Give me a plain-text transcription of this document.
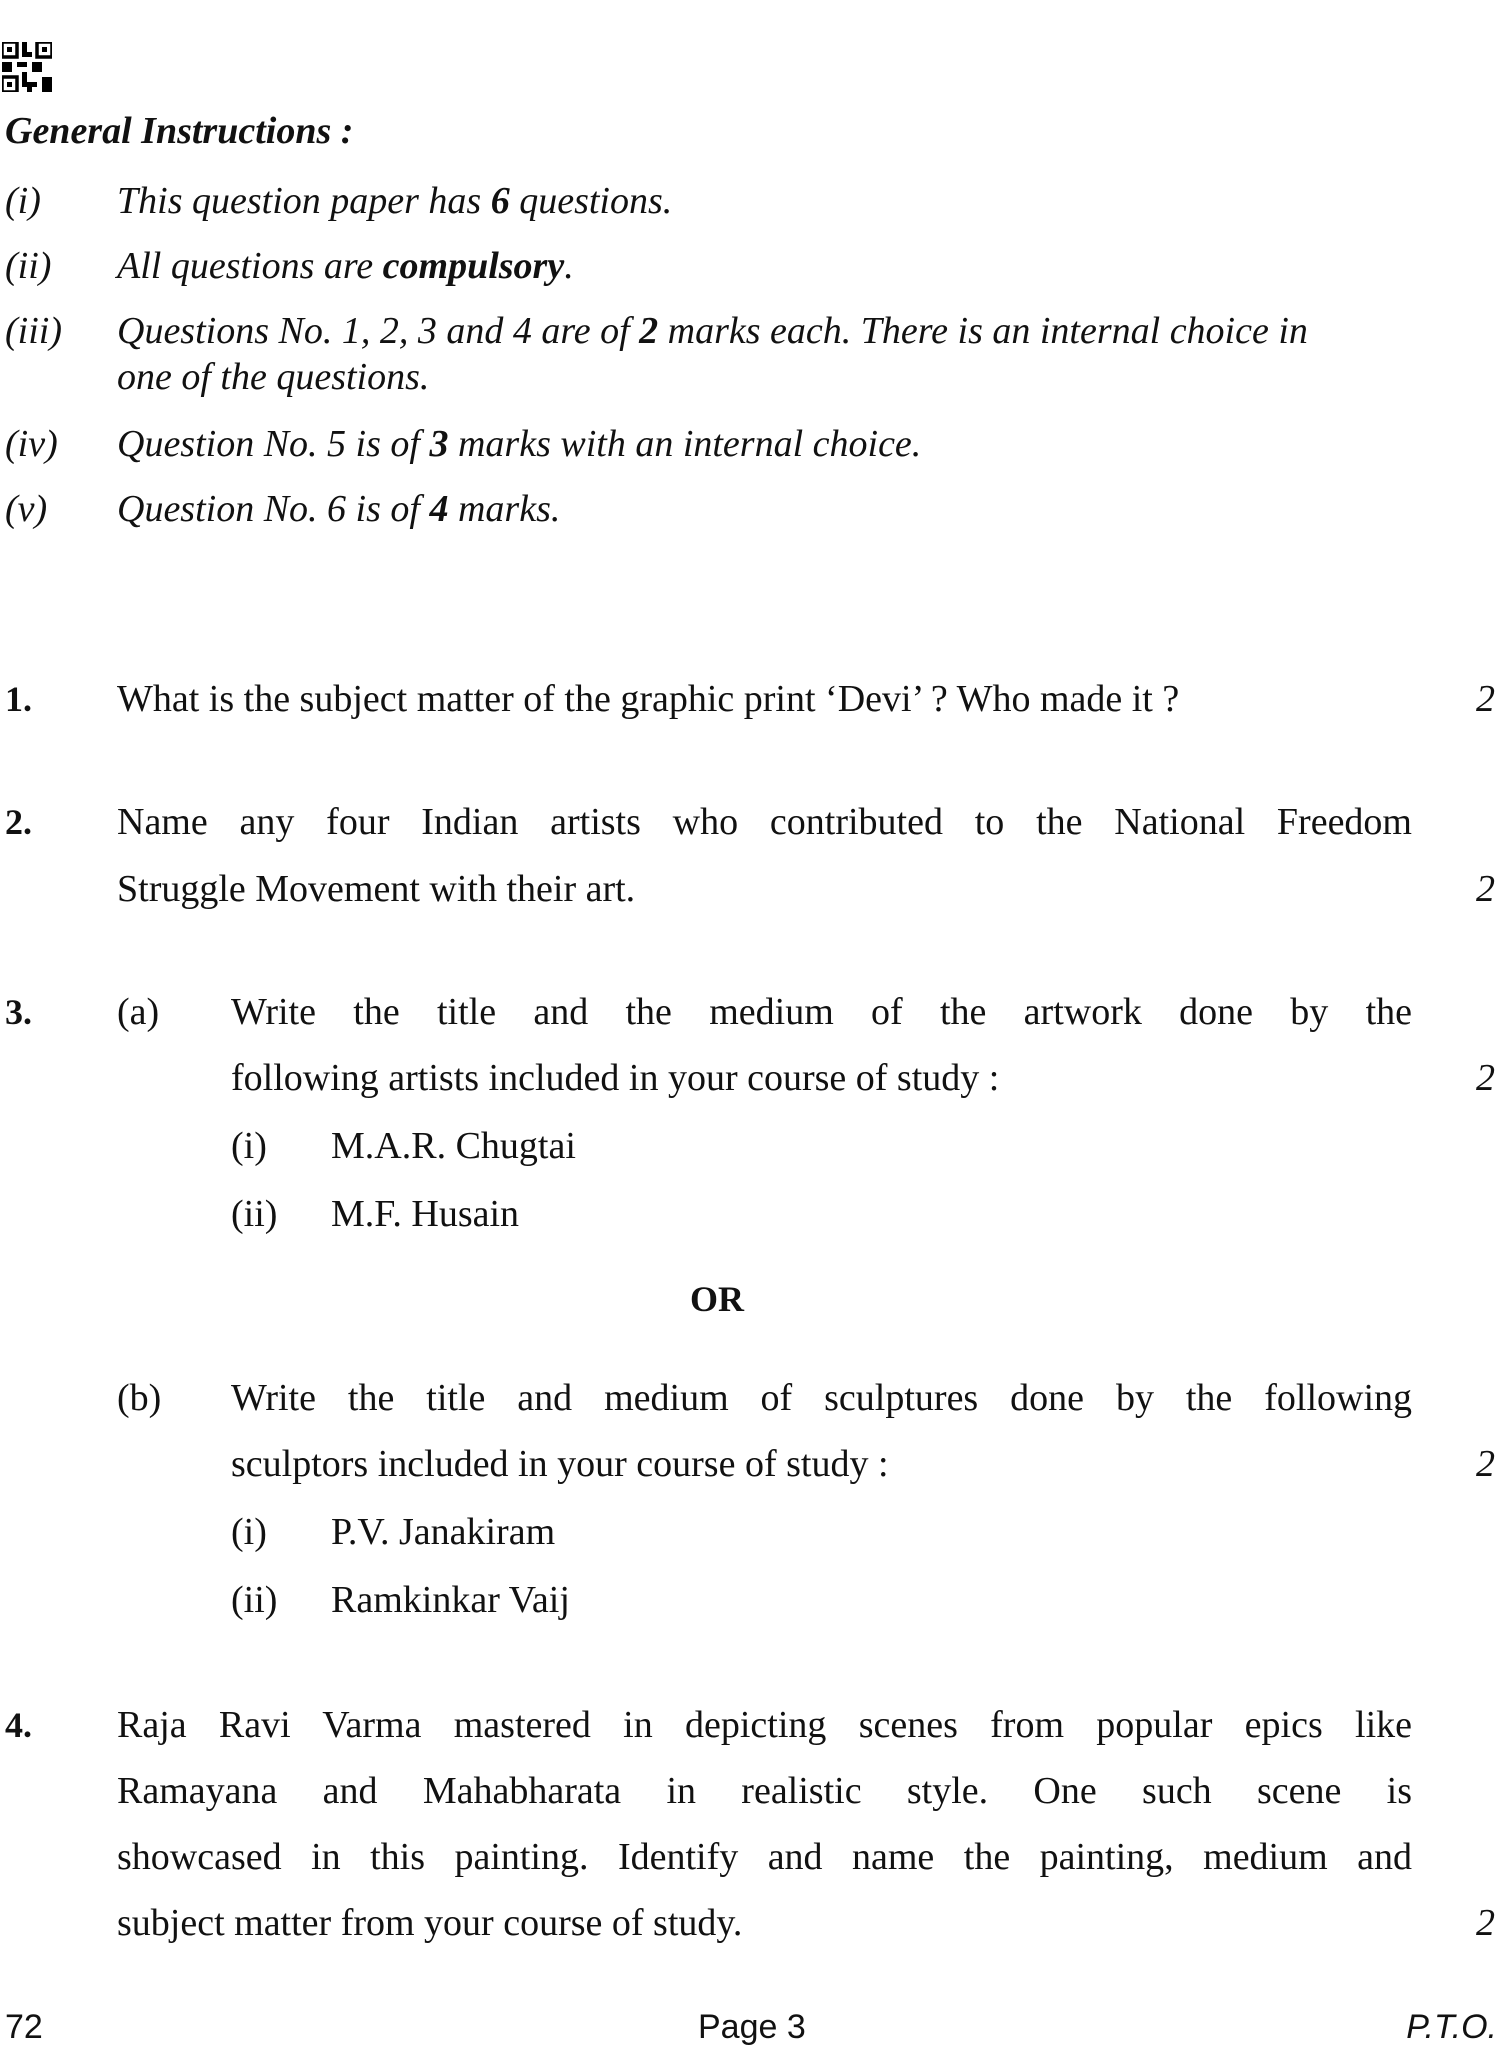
General Instructions :
(i) This question paper has 6 questions.
(ii) All questions are compulsory.
(iii) Questions No. 1, 2, 3 and 4 are of 2 marks each. There is an internal choice in
one of the questions.
(iv) Question No. 5 is of 3 marks with an internal choice.
(v) Question No. 6 is of 4 marks.
1. What is the subject matter of the graphic print ‘Devi’ ? Who made it ?	2
2. Name any four Indian artists who contributed to the National Freedom
Struggle Movement with their art.	2
3. (a) Write the title and the medium of the artwork done by the
following artists included in your course of study :	2
(i) M.A.R. Chugtai
(ii) M.F. Husain
OR
(b) Write the title and medium of sculptures done by the following
sculptors included in your course of study :	2
(i) P.V. Janakiram
(ii) Ramkinkar Vaij
4. Raja Ravi Varma mastered in depicting scenes from popular epics like
Ramayana and Mahabharata in realistic style. One such scene is
showcased in this painting. Identify and name the painting, medium and
subject matter from your course of study.	2
72	Page 3	P.T.O.
